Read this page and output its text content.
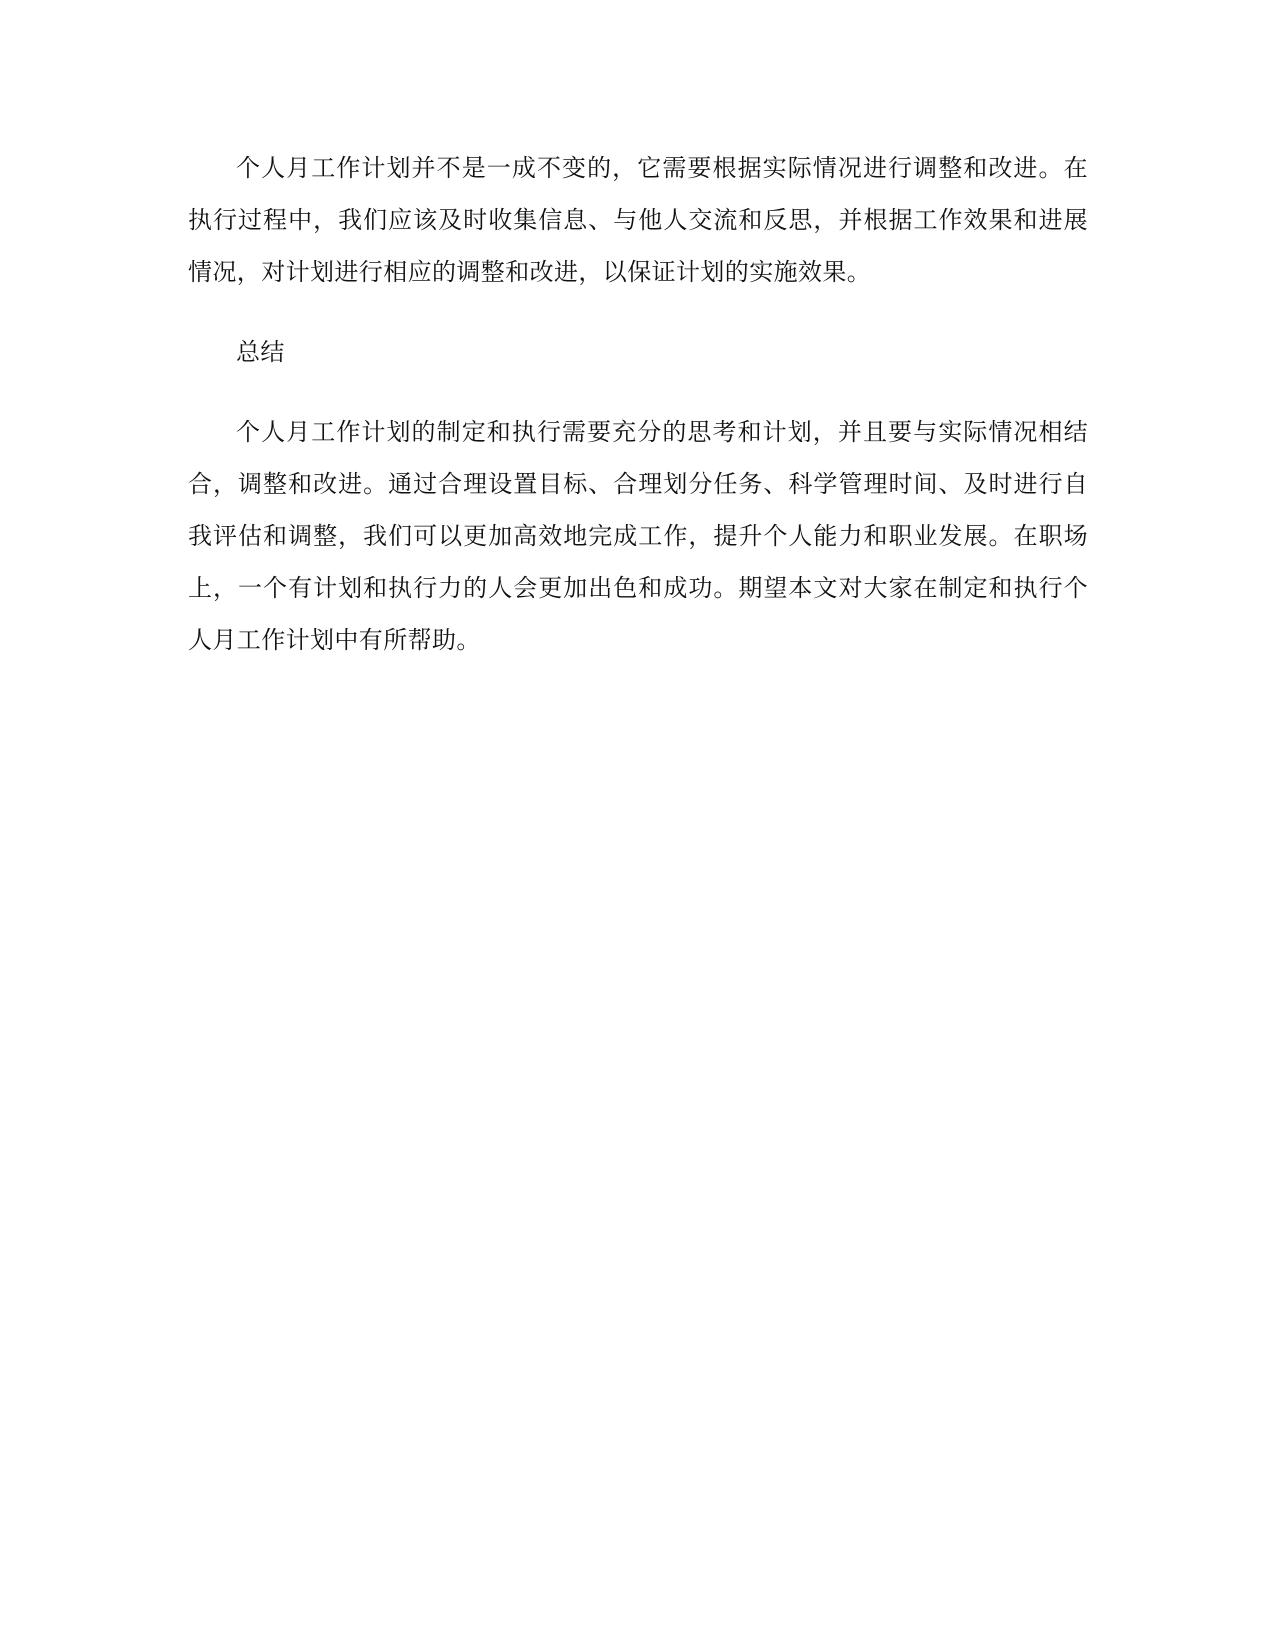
个人月工作计划并不是一成不变的，它需要根据实际情况进行调整和改进。在执行过程中，我们应该及时收集信息、与他人交流和反思，并根据工作效果和进展情况，对计划进行相应的调整和改进，以保证计划的实施效果。

总结

个人月工作计划的制定和执行需要充分的思考和计划，并且要与实际情况相结合，调整和改进。通过合理设置目标、合理划分任务、科学管理时间、及时进行自我评估和调整，我们可以更加高效地完成工作，提升个人能力和职业发展。在职场上，一个有计划和执行力的人会更加出色和成功。期望本文对大家在制定和执行个人月工作计划中有所帮助。
